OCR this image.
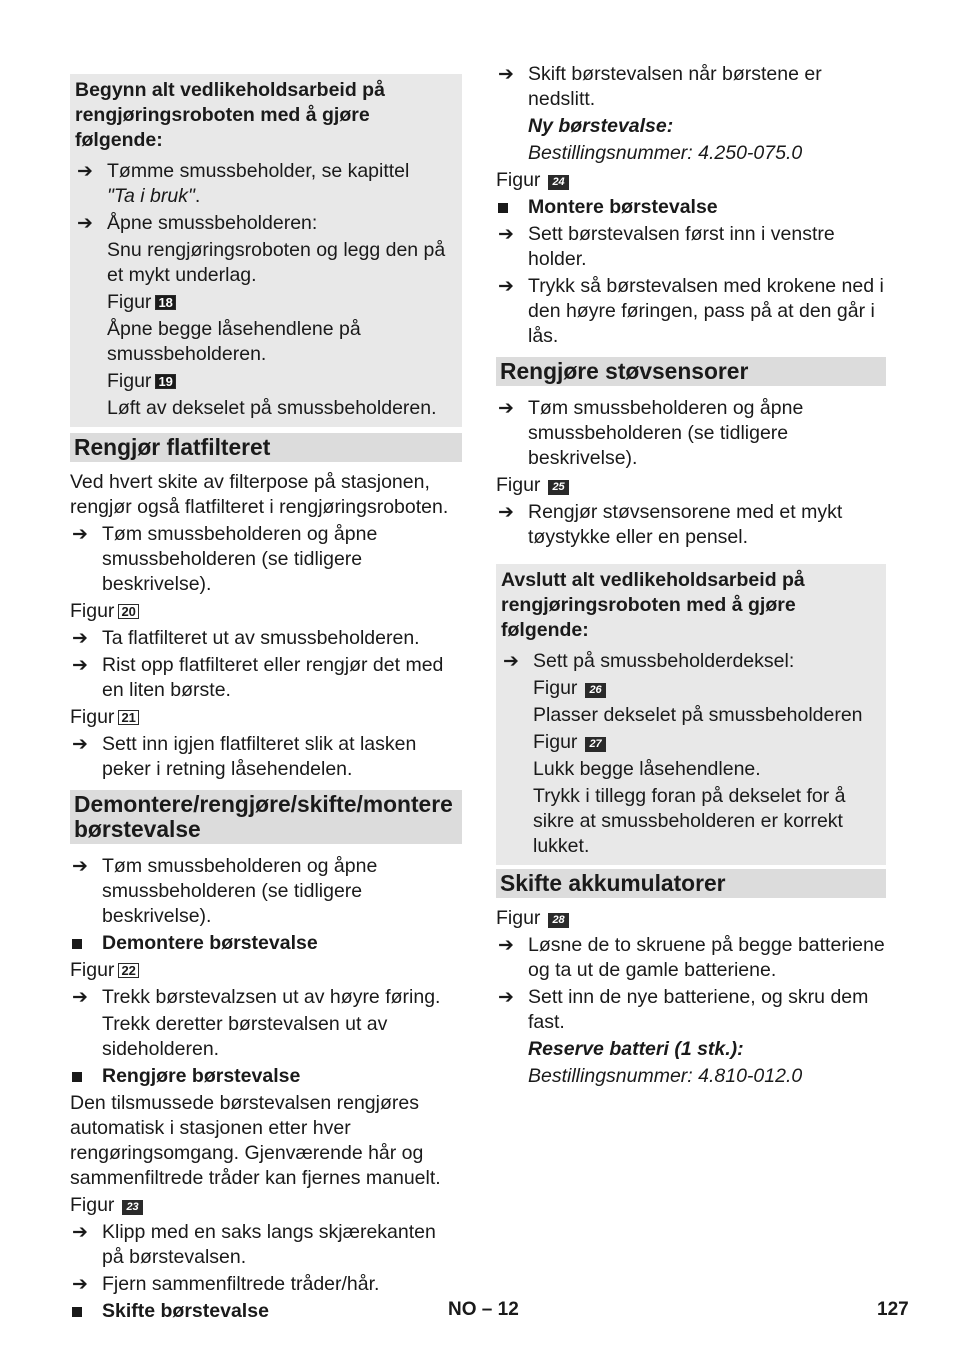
Begynn alt vedlikeholdsarbeid på rengjøringsroboten med å gjøre følgende:

➔ Tømme smussbeholder, se kapittel
"Ta i bruk".
➔ Åpne smussbeholderen:

Snu rengjøringsroboten og legg den på et mykt underlag.

Figur 18

Åpne begge låsehendlene på smussbeholderen.

Figur 19

Løft av dekselet på smussbeholderen.

Rengjør flatfilteret

Ved hvert skite av filterpose på stasjonen, rengjør også flatfilteret i rengjøringsroboten.

➔ Tøm smussbeholderen og åpne smussbeholderen (se tidligere beskrivelse).

Figur 20

➔ Ta flatfilteret ut av smussbeholderen.
➔ Rist opp flatfilteret eller rengjør det med en liten børste.

Figur 21

➔ Sett inn igjen flatfilteret slik at lasken peker i retning låsehendelen.
Demontere/rengjøre/skifte/montere børstevalse
➔ Tøm smussbeholderen og åpne smussbeholderen (se tidligere beskrivelse).
Demontere børstevalse

Figur 22

➔ Trekk børstevalzsen ut av høyre føring.

Trekk deretter børstevalsen ut av sideholderen.

Rengjøre børstevalse

Den tilsmussede børstevalsen rengjøres automatisk i stasjonen etter hver rengøringsomgang. Gjenværende hår og sammenfiltrede tråder kan fjernes manuelt.

Figur 23

➔ Klipp med en saks langs skjærekanten på børstevalsen.
➔ Fjern sammenfiltrede tråder/hår.
Skifte børstevalse
➔ Skift børstevalsen når børstene er nedslitt.

Ny børstevalse:

Bestillingsnummer: 4.250-075.0

Figur 24

Montere børstevalse
➔ Sett børstevalsen først inn i venstre holder.
➔ Trykk så børstevalsen med krokene ned i den høyre føringen, pass på at den går i lås.
Rengjøre støvsensorer
➔ Tøm smussbeholderen og åpne smussbeholderen (se tidligere beskrivelse).

Figur 25

➔ Rengjør støvsensorene med et mykt tøystykke eller en pensel.

Avslutt alt vedlikeholdsarbeid på rengjøringsroboten med å gjøre følgende:

➔ Sett på smussbeholderdeksel:

Figur 26

Plasser dekselet på smussbeholderen

Figur 27

Lukk begge låsehendlene.

Trykk i tillegg foran på dekselet for å sikre at smussbeholderen er korrekt lukket.

Skifte akkumulatorer

Figur 28

➔ Løsne de to skruene på begge batteriene og ta ut de gamle batteriene.
➔ Sett inn de nye batteriene, og skru dem fast.

Reserve batteri (1 stk.):

Bestillingsnummer: 4.810-012.0

NO – 12	127
